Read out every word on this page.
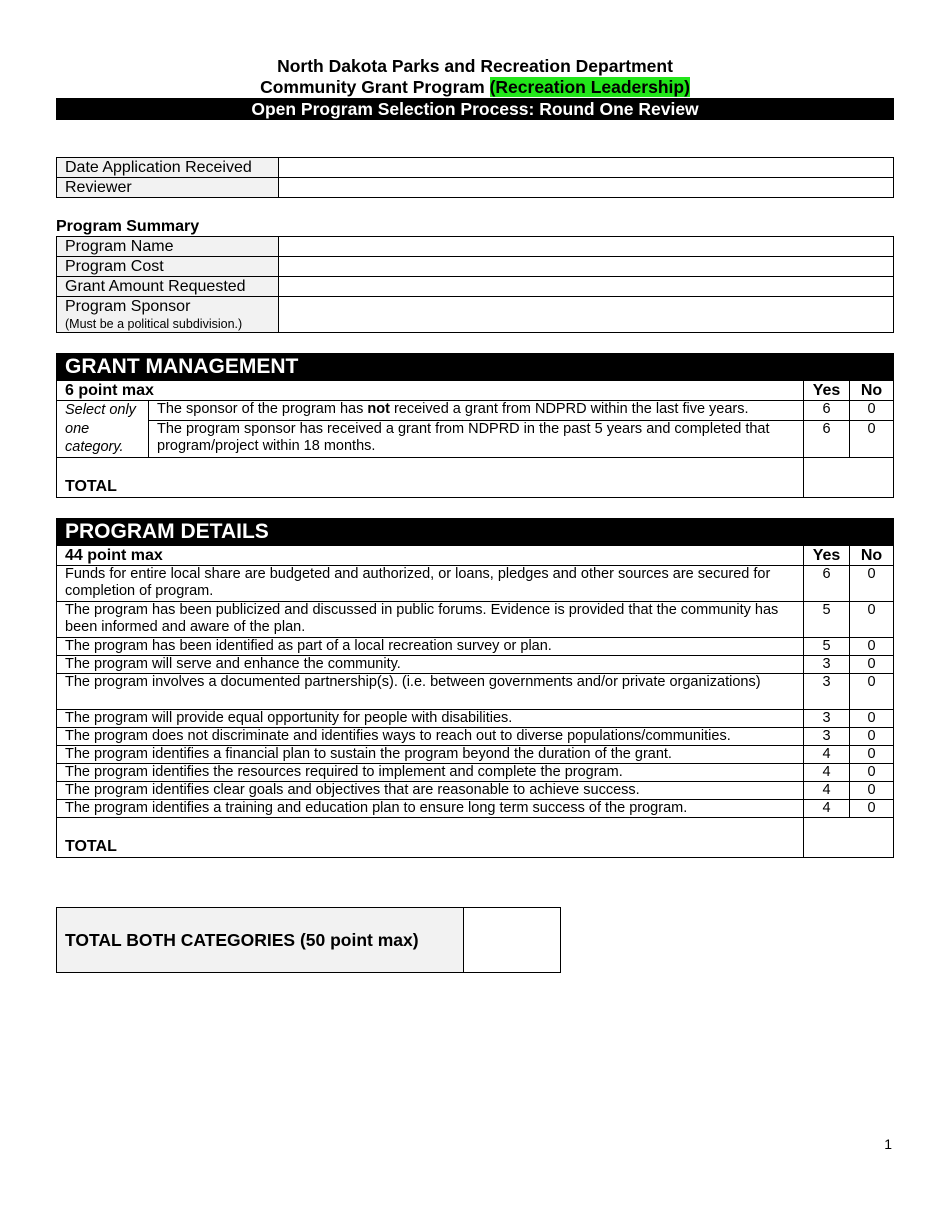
North Dakota Parks and Recreation Department
Community Grant Program (Recreation Leadership)
Open Program Selection Process: Round One Review
Date Application Received	
Reviewer	
Program Summary
Program Name	
Program Cost	
Grant Amount Requested	
Program Sponsor
(Must be a political subdivision.)	

GRANT MANAGEMENT
6 point max		Yes	No
Select only one category.	The sponsor of the program has not received a grant from NDPRD within the last five years.	6	0
	The program sponsor has received a grant from NDPRD in the past 5 years and completed that program/project within 18 months.	6	0
TOTAL			
PROGRAM DETAILS
44 point max	Yes	No
Funds for entire local share are budgeted and authorized, or loans, pledges and other sources are secured for completion of program.	6	0
The program has been publicized and discussed in public forums. Evidence is provided that the community has been informed and aware of the plan.	5	0
The program has been identified as part of a local recreation survey or plan.	5	0
The program will serve and enhance the community.	3	0
The program involves a documented partnership(s). (i.e. between governments and/or private organizations)	3	0
The program will provide equal opportunity for people with disabilities.	3	0
The program does not discriminate and identifies ways to reach out to diverse populations/communities.	3	0
The program identifies a financial plan to sustain the program beyond the duration of the grant.	4	0
The program identifies the resources required to implement and complete the program.	4	0
The program identifies clear goals and objectives that are reasonable to achieve success.	4	0
The program identifies a training and education plan to ensure long term success of the program.	4	0
TOTAL		
TOTAL BOTH CATEGORIES (50 point max)	
1
